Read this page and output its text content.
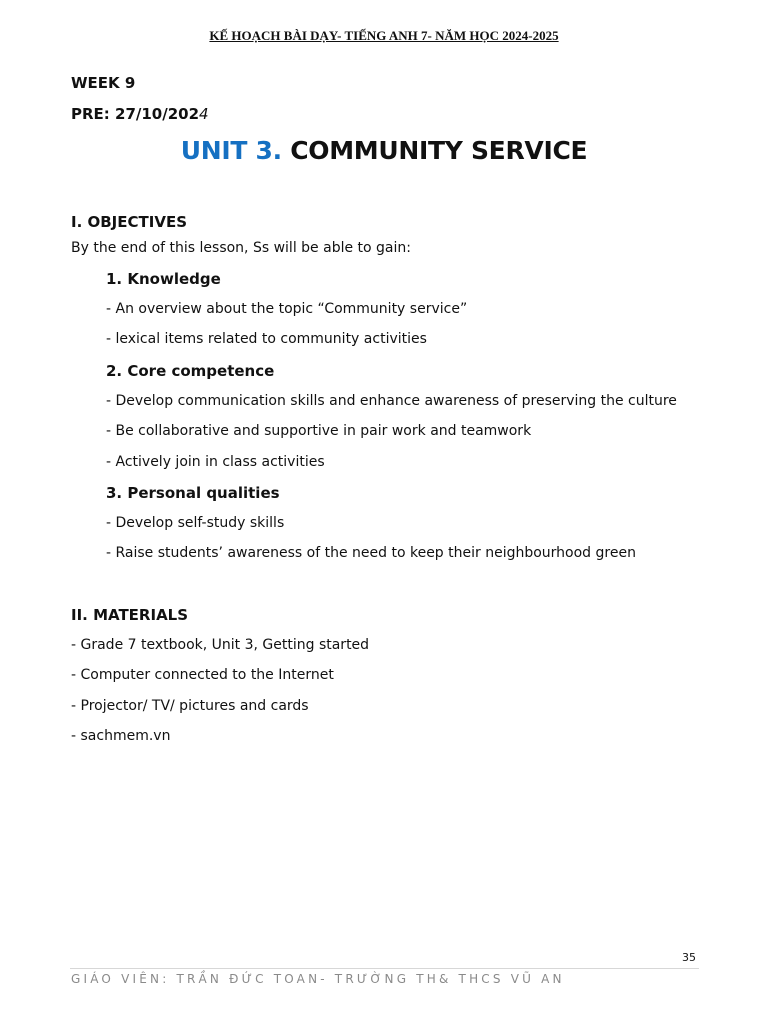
KẾ HOẠCH BÀI DẠY- TIẾNG ANH 7- NĂM HỌC 2024-2025
WEEK 9
PRE: 27/10/2024
UNIT 3. COMMUNITY SERVICE
I. OBJECTIVES
By the end of this lesson, Ss will be able to gain:
1. Knowledge
- An overview about the topic “Community service”
- lexical items related to community activities
2. Core competence
- Develop communication skills and enhance awareness of preserving the culture
- Be collaborative and supportive in pair work and teamwork
- Actively join in class activities
3. Personal qualities
- Develop self-study skills
- Raise students’ awareness of the need to keep their neighbourhood green
II. MATERIALS
- Grade 7 textbook, Unit 3, Getting started
- Computer connected to the Internet
- Projector/ TV/ pictures and cards
- sachmem.vn
35
GIÁO VIÊN: TRẦN ĐỨC TOAN- TRƯỜNG TH& THCS VŨ AN
